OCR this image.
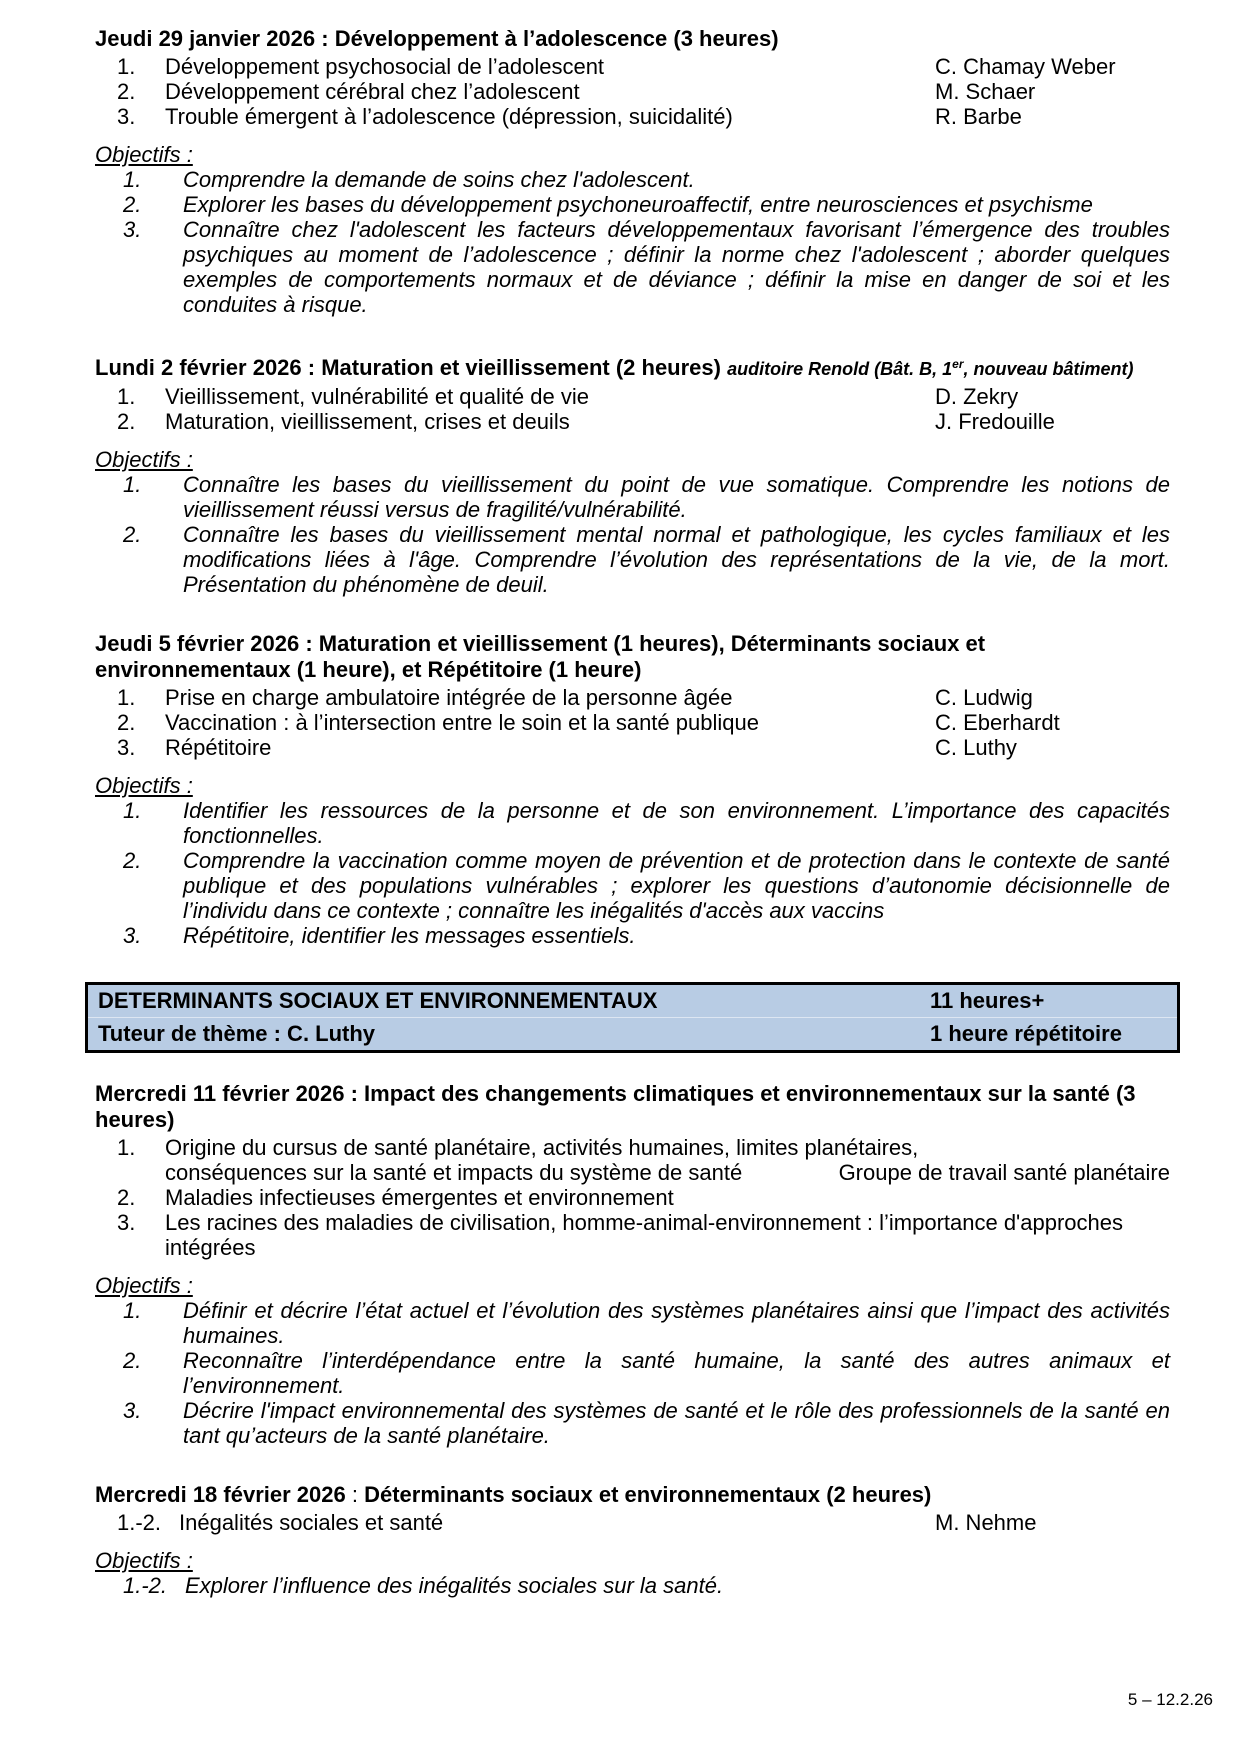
Jeudi 29 janvier 2026 : Développement à l’adolescence (3 heures)
1.	Développement psychosocial de l’adolescent	C. Chamay Weber
2.	Développement cérébral chez l’adolescent	M. Schaer
3.	Trouble émergent à l’adolescence (dépression, suicidalité)	R. Barbe
Objectifs :
1.	Comprendre la demande de soins chez l'adolescent.
2.	Explorer les bases du développement psychoneuroaffectif, entre neurosciences et psychisme
3.	Connaître chez l'adolescent les facteurs développementaux favorisant l’émergence des troubles psychiques au moment de l’adolescence ; définir la norme chez l'adolescent ; aborder quelques exemples de comportements normaux et de déviance ; définir la mise en danger de soi et les conduites à risque.
Lundi 2 février 2026 : Maturation et vieillissement (2 heures) auditoire Renold (Bât. B, 1er, nouveau bâtiment)
1.	Vieillissement, vulnérabilité et qualité de vie	D. Zekry
2.	Maturation, vieillissement, crises et deuils	J. Fredouille
Objectifs :
1.	Connaître les bases du vieillissement du point de vue somatique. Comprendre les notions de vieillissement réussi versus de fragilité/vulnérabilité.
2.	Connaître les bases du vieillissement mental normal et pathologique, les cycles familiaux et les modifications liées à l'âge. Comprendre l’évolution des représentations de la vie, de la mort. Présentation du phénomène de deuil.
Jeudi 5 février 2026 : Maturation et vieillissement (1 heures), Déterminants sociaux et environnementaux (1 heure), et Répétitoire (1 heure)
1.	Prise en charge ambulatoire intégrée de la personne âgée	C. Ludwig
2.	Vaccination : à l’intersection entre le soin et la santé publique	C. Eberhardt
3.	Répétitoire	C. Luthy
Objectifs :
1.	Identifier les ressources de la personne et de son environnement. L’importance des capacités fonctionnelles.
2.	Comprendre la vaccination comme moyen de prévention et de protection dans le contexte de santé publique et des populations vulnérables ; explorer les questions d’autonomie décisionnelle de l’individu dans ce contexte ; connaître les inégalités d'accès aux vaccins
3.	Répétitoire, identifier les messages essentiels.
DETERMINANTS SOCIAUX ET ENVIRONNEMENTAUX	11 heures+
Tuteur de thème : C. Luthy	1 heure répétitoire
Mercredi 11 février 2026 : Impact des changements climatiques et environnementaux sur la santé (3 heures)
1.	Origine du cursus de santé planétaire, activités humaines, limites planétaires,
conséquences sur la santé et impacts du système de santé	Groupe de travail santé planétaire
2.	Maladies infectieuses émergentes et environnement
3.	Les racines des maladies de civilisation, homme-animal-environnement : l’importance d'approches intégrées
Objectifs :
1.	Définir et décrire l’état actuel et l’évolution des systèmes planétaires ainsi que l’impact des activités humaines.
2.	Reconnaître l’interdépendance entre la santé humaine, la santé des autres animaux et l’environnement.
3.	Décrire l'impact environnemental des systèmes de santé et le rôle des professionnels de la santé en tant qu’acteurs de la santé planétaire.
Mercredi 18 février 2026 : Déterminants sociaux et environnementaux (2 heures)
1.-2. Inégalités sociales et santé	M. Nehme
Objectifs :
1.-2. Explorer l’influence des inégalités sociales sur la santé.
5 – 12.2.26
